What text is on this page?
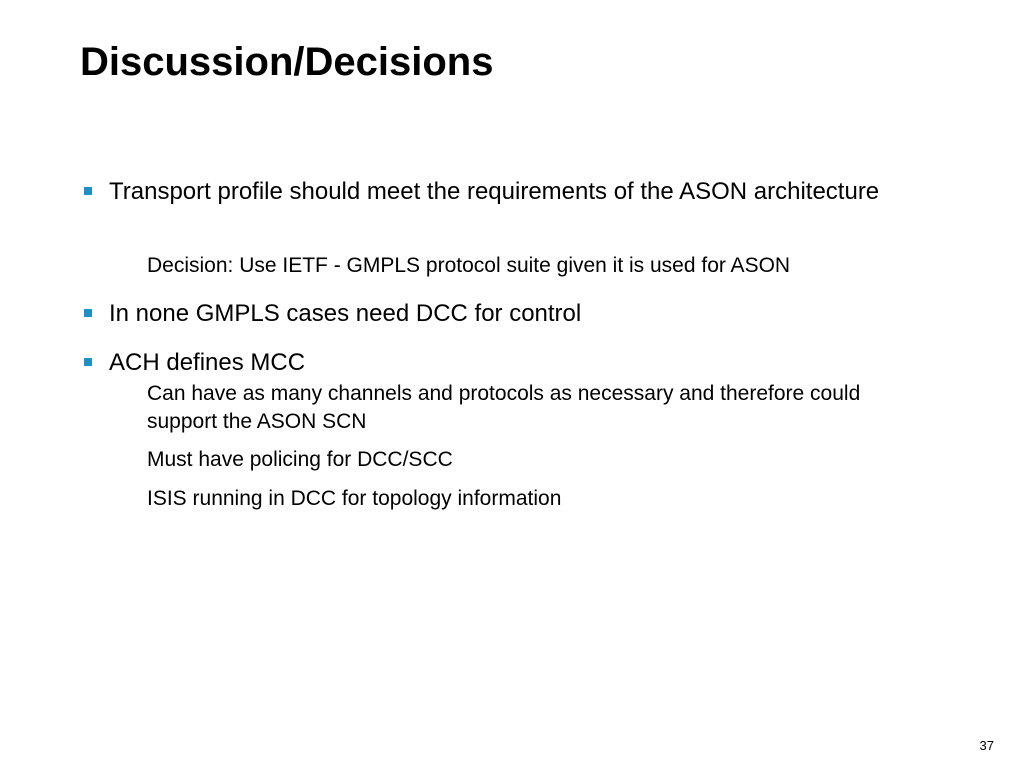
Discussion/Decisions
Transport profile should meet the requirements of the ASON architecture
Decision: Use IETF - GMPLS protocol suite given it is used for ASON
In none GMPLS cases need DCC for control
ACH defines MCC
Can have as many channels and protocols as necessary and therefore could support the ASON SCN
Must have policing for DCC/SCC
ISIS running in DCC for topology information
37
